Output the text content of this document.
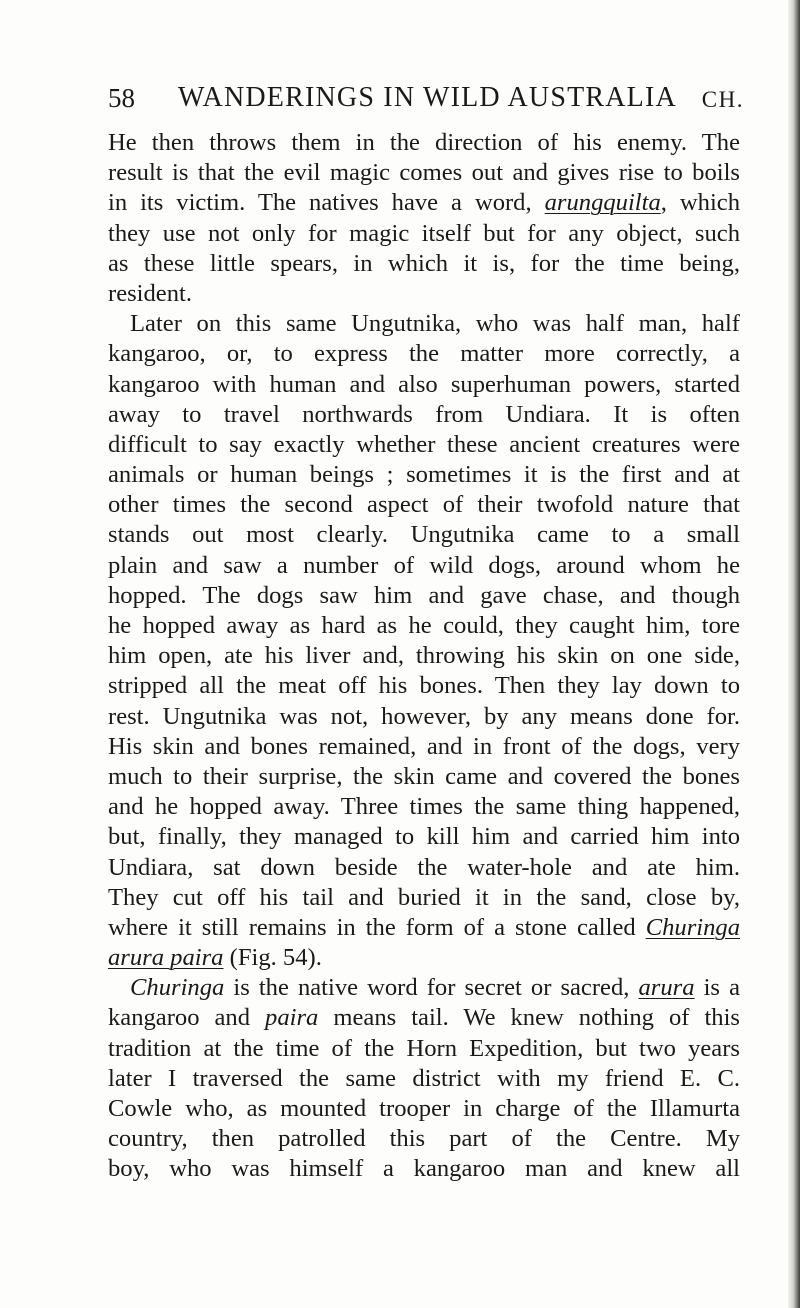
58 WANDERINGS IN WILD AUSTRALIA CH.
He then throws them in the direction of his enemy. The
result is that the evil magic comes out and gives rise to boils
in its victim. The natives have a word, arungquilta, which
they use not only for magic itself but for any object, such
as these little spears, in which it is, for the time being,
resident.
Later on this same Ungutnika, who was half man, half
kangaroo, or, to express the matter more correctly, a
kangaroo with human and also superhuman powers, started
away to travel northwards from Undiara. It is often
difficult to say exactly whether these ancient creatures were
animals or human beings ; sometimes it is the first and at
other times the second aspect of their twofold nature that
stands out most clearly. Ungutnika came to a small
plain and saw a number of wild dogs, around whom he
hopped. The dogs saw him and gave chase, and though
he hopped away as hard as he could, they caught him, tore
him open, ate his liver and, throwing his skin on one side,
stripped all the meat off his bones. Then they lay down to
rest. Ungutnika was not, however, by any means done for.
His skin and bones remained, and in front of the dogs, very
much to their surprise, the skin came and covered the bones
and he hopped away. Three times the same thing happened,
but, finally, they managed to kill him and carried him into
Undiara, sat down beside the water-hole and ate him.
They cut off his tail and buried it in the sand, close by,
where it still remains in the form of a stone called Churinga
arura paira (Fig. 54).
Churinga is the native word for secret or sacred, arura is a
kangaroo and paira means tail. We knew nothing of this
tradition at the time of the Horn Expedition, but two years
later I traversed the same district with my friend E. C.
Cowle who, as mounted trooper in charge of the Illamurta
country, then patrolled this part of the Centre. My
boy, who was himself a kangaroo man and knew all
